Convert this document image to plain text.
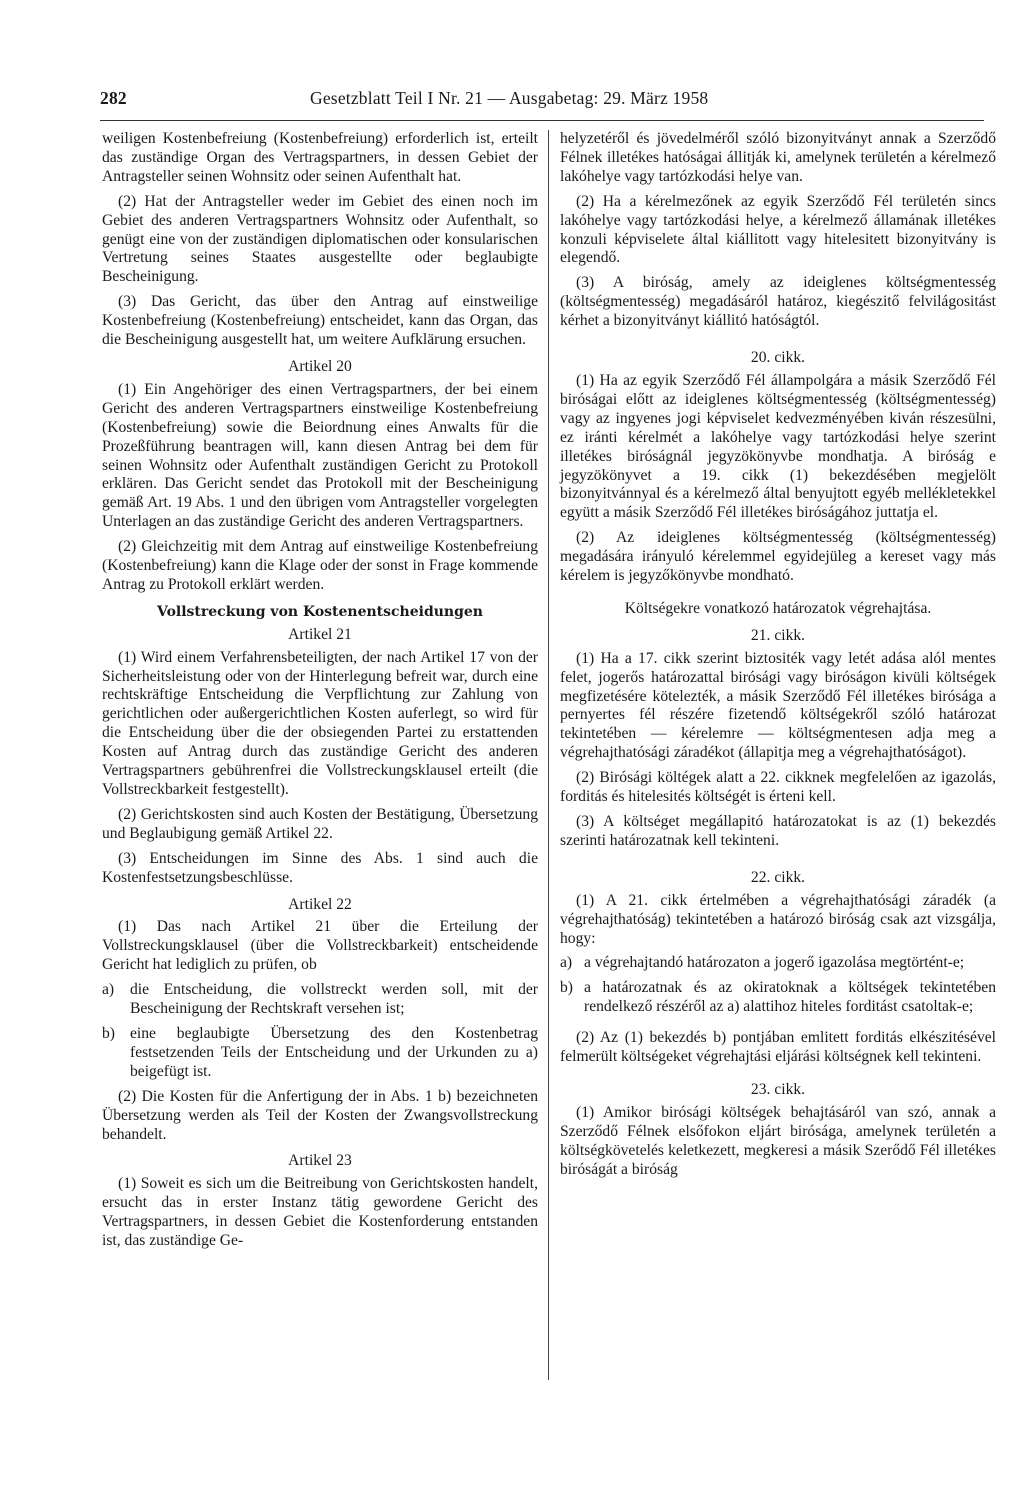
282	Gesetzblatt Teil I Nr. 21 — Ausgabetag: 29. März 1958

weiligen Kostenbefreiung (Kostenbefreiung) erforderlich ist, erteilt das zuständige Organ des Vertragspartners, in dessen Gebiet der Antragsteller seinen Wohnsitz oder seinen Aufenthalt hat.

(2) Hat der Antragsteller weder im Gebiet des einen noch im Gebiet des anderen Vertragspartners Wohnsitz oder Aufenthalt, so genügt eine von der zuständigen diplomatischen oder konsularischen Vertretung seines Staates ausgestellte oder beglaubigte Bescheinigung.

(3) Das Gericht, das über den Antrag auf einstweilige Kostenbefreiung (Kostenbefreiung) entscheidet, kann das Organ, das die Bescheinigung ausgestellt hat, um weitere Aufklärung ersuchen.

Artikel 20

(1) Ein Angehöriger des einen Vertragspartners, der bei einem Gericht des anderen Vertragspartners einstweilige Kostenbefreiung (Kostenbefreiung) sowie die Beiordnung eines Anwalts für die Prozeßführung beantragen will, kann diesen Antrag bei dem für seinen Wohnsitz oder Aufenthalt zuständigen Gericht zu Protokoll erklären. Das Gericht sendet das Protokoll mit der Bescheinigung gemäß Art. 19 Abs. 1 und den übrigen vom Antragsteller vorgelegten Unterlagen an das zuständige Gericht des anderen Vertragspartners.

(2) Gleichzeitig mit dem Antrag auf einstweilige Kostenbefreiung (Kostenbefreiung) kann die Klage oder der sonst in Frage kommende Antrag zu Protokoll erklärt werden.

Vollstreckung von Kostenentscheidungen
Artikel 21

(1) Wird einem Verfahrensbeteiligten, der nach Artikel 17 von der Sicherheitsleistung oder von der Hinterlegung befreit war, durch eine rechtskräftige Entscheidung die Verpflichtung zur Zahlung von gerichtlichen oder außergerichtlichen Kosten auferlegt, so wird für die Entscheidung über die der obsiegenden Partei zu erstattenden Kosten auf Antrag durch das zuständige Gericht des anderen Vertragspartners gebührenfrei die Vollstreckungsklausel erteilt (die Vollstreckbarkeit festgestellt).

(2) Gerichtskosten sind auch Kosten der Bestätigung, Übersetzung und Beglaubigung gemäß Artikel 22.

(3) Entscheidungen im Sinne des Abs. 1 sind auch die Kostenfestsetzungsbeschlüsse.

Artikel 22

(1) Das nach Artikel 21 über die Erteilung der Vollstreckungsklausel (über die Vollstreckbarkeit) entscheidende Gericht hat lediglich zu prüfen, ob

a)	die Entscheidung, die vollstreckt werden soll, mit der Bescheinigung der Rechtskraft versehen ist;
b) eine beglaubigte Übersetzung des den Kostenbetrag festsetzenden Teils der Entscheidung und der Urkunden zu a) beigefügt ist.

(2) Die Kosten für die Anfertigung der in Abs. 1 b) bezeichneten Übersetzung werden als Teil der Kosten der Zwangsvollstreckung behandelt.

Artikel 23

(1) Soweit es sich um die Beitreibung von Gerichtskosten handelt, ersucht das in erster Instanz tätig gewordene Gericht des Vertragspartners, in dessen Gebiet die Kostenforderung entstanden ist, das zuständige Ge-

helyzetéről és jövedelméről szóló bizonyitványt annak a Szerződő Félnek illetékes hatóságai állitják ki, amelynek területén a kérelmező lakóhelye vagy tartózkodási helye van.

(2) Ha a kérelmezőnek az egyik Szerződő Fél területén sincs lakóhelye vagy tartózkodási helye, a kérelmező államának illetékes konzuli képviselete által kiállitott vagy hitelesitett bizonyitvány is elegendő.

(3) A biróság, amely az ideiglenes költségmentesség (költségmentesség) megadásáról határoz, kiegészitő felvilágositást kérhet a bizonyitványt kiállitó hatóságtól.

20. cikk.

(1) Ha az egyik Szerződő Fél állampolgára a másik Szerződő Fél biróságai előtt az ideiglenes költségmentesség (költségmentesség) vagy az ingyenes jogi képviselet kedvezményében kiván részesülni, ez iránti kérelmét a lakóhelye vagy tartózkodási helye szerint illetékes biróságnál jegyzökönyvbe mondhatja. A biróság e jegyzökönyvet a 19. cikk (1) bekezdésében megjelölt bizonyitvánnyal és a kérelmező által benyujtott egyéb mellékletekkel együtt a másik Szerződő Fél illetékes biróságához juttatja el.

(2) Az ideiglenes költségmentesség (költségmentesség) megadására irányuló kérelemmel egyidejüleg a kereset vagy más kérelem is jegyzőkönyvbe mondható.

Költségekre vonatkozó határozatok végrehajtása.
21. cikk.

(1) Ha a 17. cikk szerint biztositék vagy letét adása alól mentes felet, jogerős határozattal birósági vagy biróságon kivüli költségek megfizetésére kötelezték, a másik Szerződő Fél illetékes birósága a pernyertes fél részére fizetendő költségekről szóló határozat tekintetében — kérelemre — költségmentesen adja meg a végrehajthatósági záradékot (állapitja meg a végrehajthatóságot).

(2) Birósági költégek alatt a 22. cikknek megfelelően az igazolás, forditás és hitelesités költségét is érteni kell.

(3) A költséget megállapitó határozatokat is az (1) bekezdés szerinti határozatnak kell tekinteni.

22. cikk.

(1) A 21. cikk értelmében a végrehajthatósági záradék (a végrehajthatóság) tekintetében a határozó biróság csak azt vizsgálja, hogy:

a) a végrehajtandó határozaton a jogerő igazolása megtörtént-e;
b) a határozatnak és az okiratoknak a költségek tekintetében rendelkező részéről az a) alattihoz hiteles forditást csatoltak-e;

(2) Az (1) bekezdés b) pontjában emlitett forditás elkészitésével felmerült költségeket végrehajtási eljárási költségnek kell tekinteni.

23. cikk.

(1) Amikor birósági költségek behajtásáról van szó, annak a Szerződő Félnek elsőfokon eljárt birósága, amelynek területén a költségkövetelés keletkezett, megkeresi a másik Szerődő Fél illetékes biróságát a biróság
